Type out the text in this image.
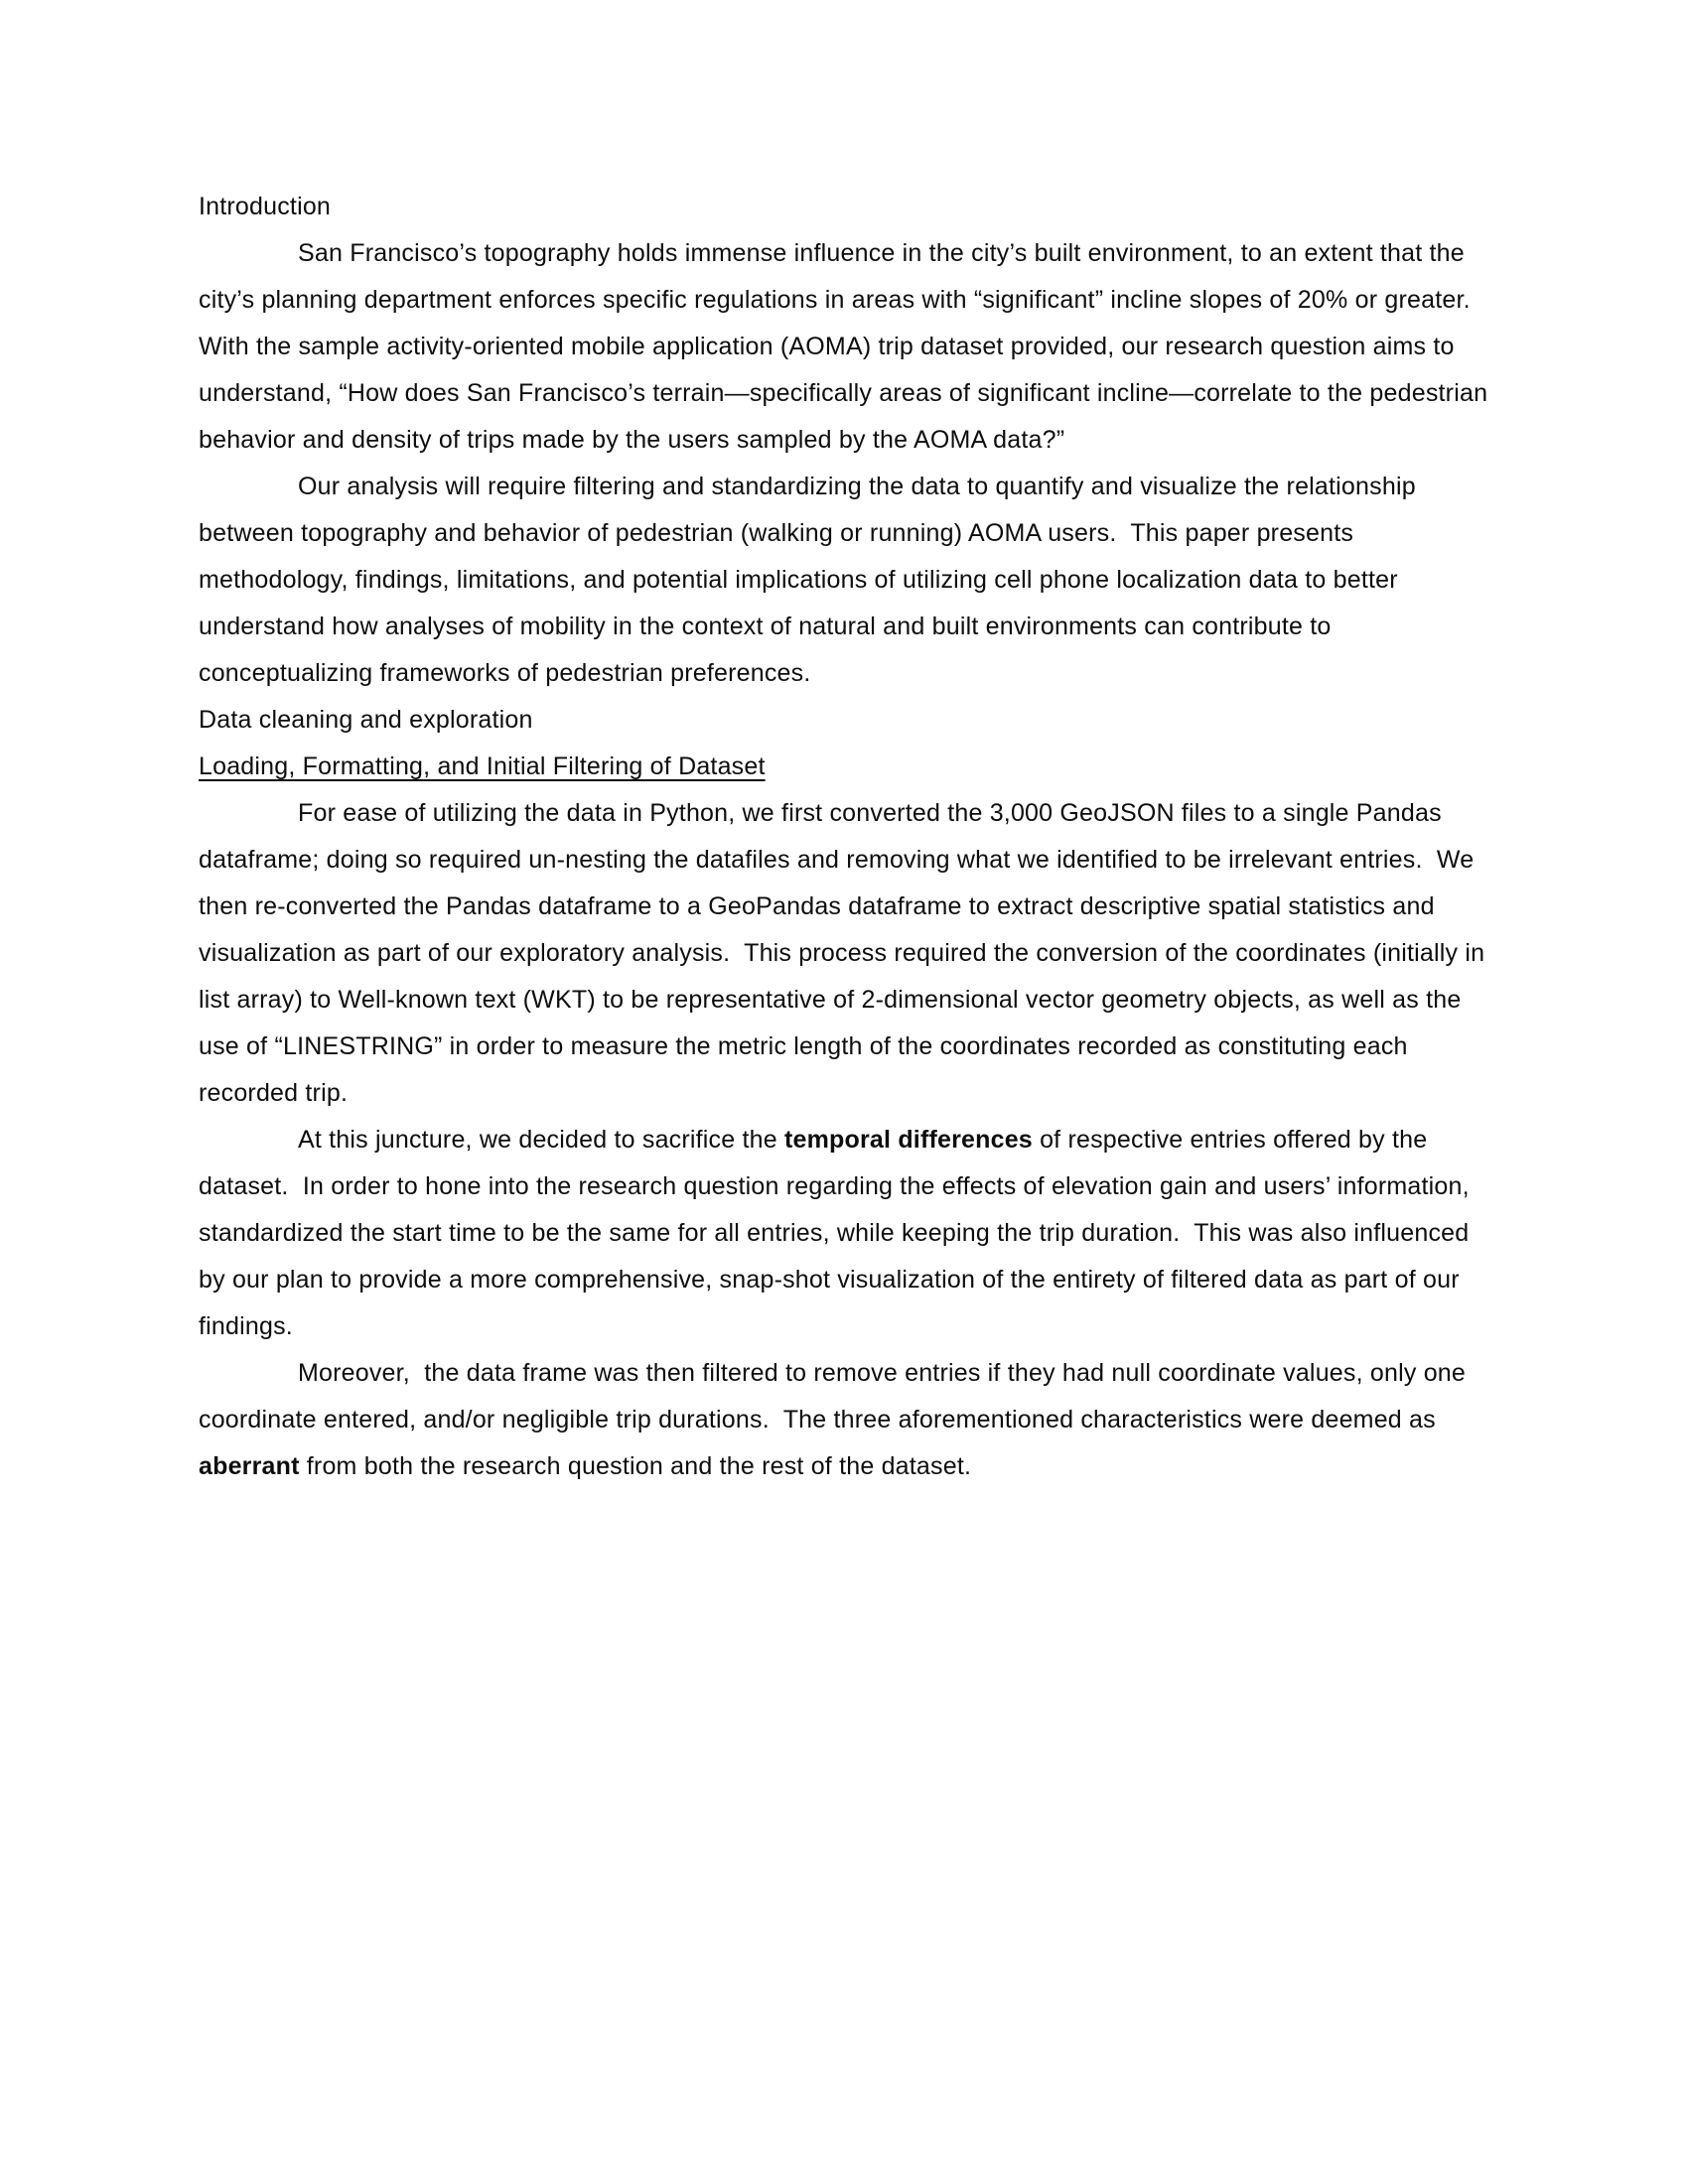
Introduction

San Francisco’s topography holds immense influence in the city’s built environment, to an extent that the city’s planning department enforces specific regulations in areas with “significant” incline slopes of 20% or greater.  With the sample activity-oriented mobile application (AOMA) trip dataset provided, our research question aims to understand, “How does San Francisco’s terrain—specifically areas of significant incline—correlate to the pedestrian behavior and density of trips made by the users sampled by the AOMA data?”

Our analysis will require filtering and standardizing the data to quantify and visualize the relationship between topography and behavior of pedestrian (walking or running) AOMA users.  This paper presents methodology, findings, limitations, and potential implications of utilizing cell phone localization data to better understand how analyses of mobility in the context of natural and built environments can contribute to conceptualizing frameworks of pedestrian preferences.

Data cleaning and exploration
Loading, Formatting, and Initial Filtering of Dataset

For ease of utilizing the data in Python, we first converted the 3,000 GeoJSON files to a single Pandas dataframe; doing so required un-nesting the datafiles and removing what we identified to be irrelevant entries.  We then re-converted the Pandas dataframe to a GeoPandas dataframe to extract descriptive spatial statistics and visualization as part of our exploratory analysis.  This process required the conversion of the coordinates (initially in list array) to Well-known text (WKT) to be representative of 2-dimensional vector geometry objects, as well as the use of “LINESTRING” in order to measure the metric length of the coordinates recorded as constituting each recorded trip.

At this juncture, we decided to sacrifice the temporal differences of respective entries offered by the dataset.  In order to hone into the research question regarding the effects of elevation gain and users’ information, standardized the start time to be the same for all entries, while keeping the trip duration.  This was also influenced by our plan to provide a more comprehensive, snap-shot visualization of the entirety of filtered data as part of our findings.

Moreover,  the data frame was then filtered to remove entries if they had null coordinate values, only one coordinate entered, and/or negligible trip durations.  The three aforementioned characteristics were deemed as aberrant from both the research question and the rest of the dataset.
